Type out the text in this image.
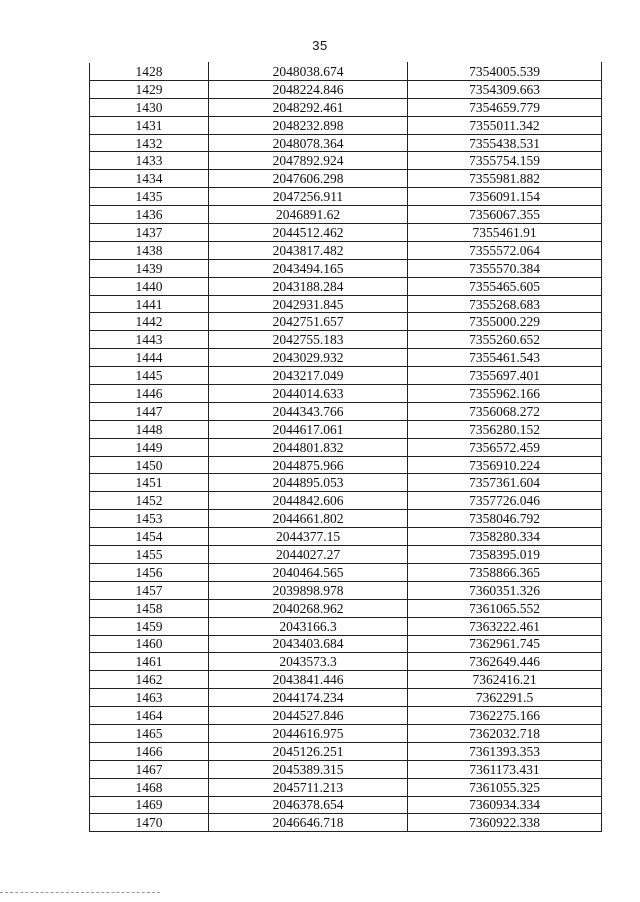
35
1428	2048038.674	7354005.539
1429	2048224.846	7354309.663
1430	2048292.461	7354659.779
1431	2048232.898	7355011.342
1432	2048078.364	7355438.531
1433	2047892.924	7355754.159
1434	2047606.298	7355981.882
1435	2047256.911	7356091.154
1436	2046891.62	7356067.355
1437	2044512.462	7355461.91
1438	2043817.482	7355572.064
1439	2043494.165	7355570.384
1440	2043188.284	7355465.605
1441	2042931.845	7355268.683
1442	2042751.657	7355000.229
1443	2042755.183	7355260.652
1444	2043029.932	7355461.543
1445	2043217.049	7355697.401
1446	2044014.633	7355962.166
1447	2044343.766	7356068.272
1448	2044617.061	7356280.152
1449	2044801.832	7356572.459
1450	2044875.966	7356910.224
1451	2044895.053	7357361.604
1452	2044842.606	7357726.046
1453	2044661.802	7358046.792
1454	2044377.15	7358280.334
1455	2044027.27	7358395.019
1456	2040464.565	7358866.365
1457	2039898.978	7360351.326
1458	2040268.962	7361065.552
1459	2043166.3	7363222.461
1460	2043403.684	7362961.745
1461	2043573.3	7362649.446
1462	2043841.446	7362416.21
1463	2044174.234	7362291.5
1464	2044527.846	7362275.166
1465	2044616.975	7362032.718
1466	2045126.251	7361393.353
1467	2045389.315	7361173.431
1468	2045711.213	7361055.325
1469	2046378.654	7360934.334
1470	2046646.718	7360922.338
